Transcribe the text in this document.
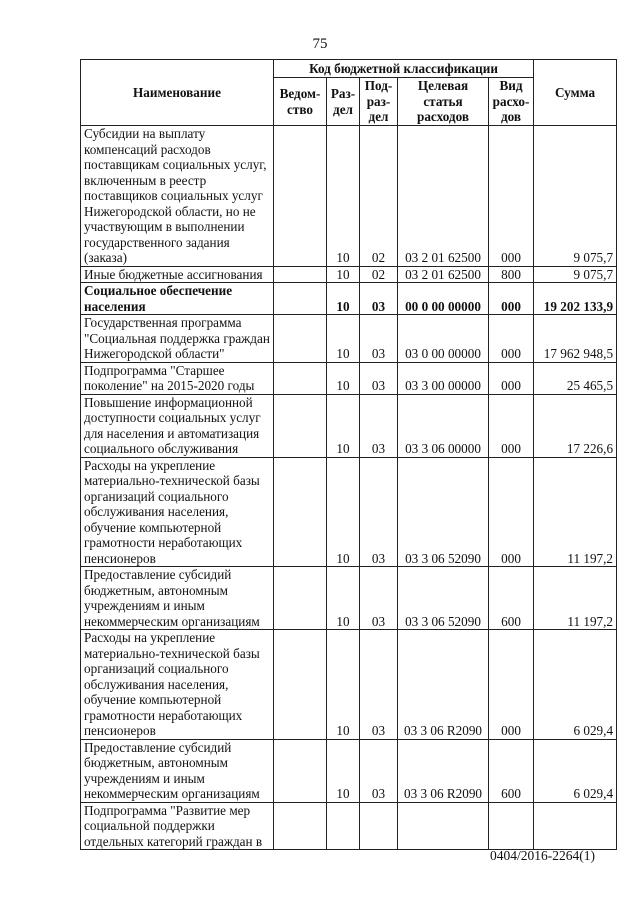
75
Наименование	Код бюджетной классификации					Сумма
	Ведом- ство	Раз- дел	Под- раз- дел	Целевая статья расходов	Вид расхо- дов	
Субсидии на выплату компенсаций расходов поставщикам социальных услуг, включенным в реестр поставщиков социальных услуг Нижегородской области, но не участвующим в выполнении государственного задания (заказа)		10	02	03 2 01 62500	000	9 075,7
Иные бюджетные ассигнования		10	02	03 2 01 62500	800	9 075,7
Социальное обеспечение населения		10	03	00 0 00 00000	000	19 202 133,9
Государственная программа "Социальная поддержка граждан Нижегородской области"		10	03	03 0 00 00000	000	17 962 948,5
Подпрограмма "Старшее поколение" на 2015-2020 годы		10	03	03 3 00 00000	000	25 465,5
Повышение информационной доступности социальных услуг для населения и автоматизация социального обслуживания		10	03	03 3 06 00000	000	17 226,6
Расходы на укрепление материально-технической базы организаций социального обслуживания населения, обучение компьютерной грамотности неработающих пенсионеров		10	03	03 3 06 52090	000	11 197,2
Предоставление субсидий бюджетным, автономным учреждениям и иным некоммерческим организациям		10	03	03 3 06 52090	600	11 197,2
Расходы на укрепление материально-технической базы организаций социального обслуживания населения, обучение компьютерной грамотности неработающих пенсионеров		10	03	03 3 06 R2090	000	6 029,4
Предоставление субсидий бюджетным, автономным учреждениям и иным некоммерческим организациям		10	03	03 3 06 R2090	600	6 029,4
Подпрограмма "Развитие мер социальной поддержки отдельных категорий граждан в						
0404/2016-2264(1)
